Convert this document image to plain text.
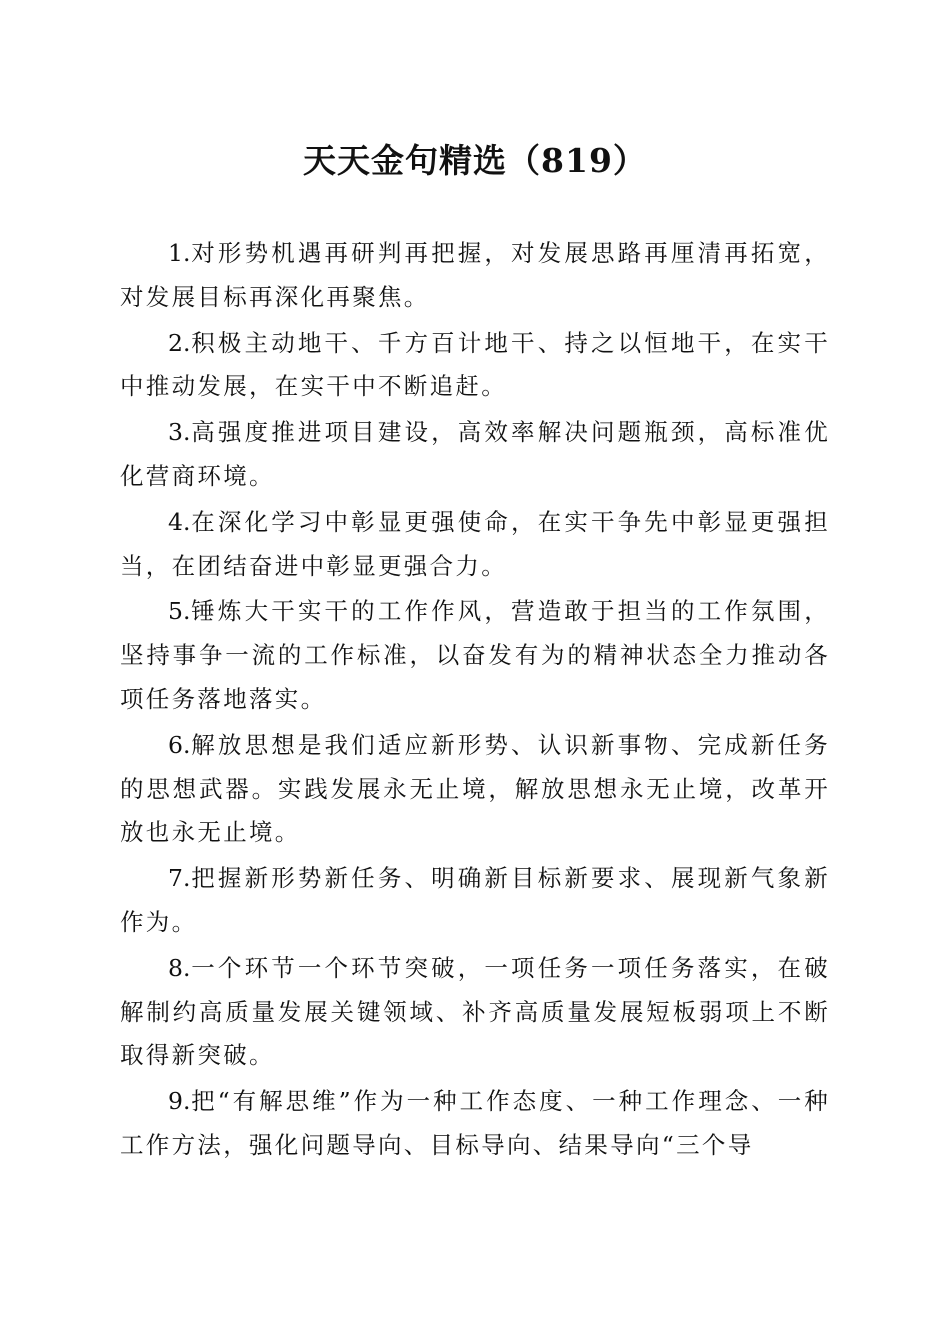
天天金句精选（819）

1.对形势机遇再研判再把握，对发展思路再厘清再拓宽，对发展目标再深化再聚焦。

2.积极主动地干、千方百计地干、持之以恒地干，在实干中推动发展，在实干中不断追赶。

3.高强度推进项目建设，高效率解决问题瓶颈，高标准优化营商环境。

4.在深化学习中彰显更强使命，在实干争先中彰显更强担当，在团结奋进中彰显更强合力。

5.锤炼大干实干的工作作风，营造敢于担当的工作氛围，坚持事争一流的工作标准，以奋发有为的精神状态全力推动各项任务落地落实。

6.解放思想是我们适应新形势、认识新事物、完成新任务的思想武器。实践发展永无止境，解放思想永无止境，改革开放也永无止境。

7.把握新形势新任务、明确新目标新要求、展现新气象新作为。

8.一个环节一个环节突破，一项任务一项任务落实，在破解制约高质量发展关键领域、补齐高质量发展短板弱项上不断取得新突破。

9.把“有解思维”作为一种工作态度、一种工作理念、一种工作方法，强化问题导向、目标导向、结果导向“三个导
